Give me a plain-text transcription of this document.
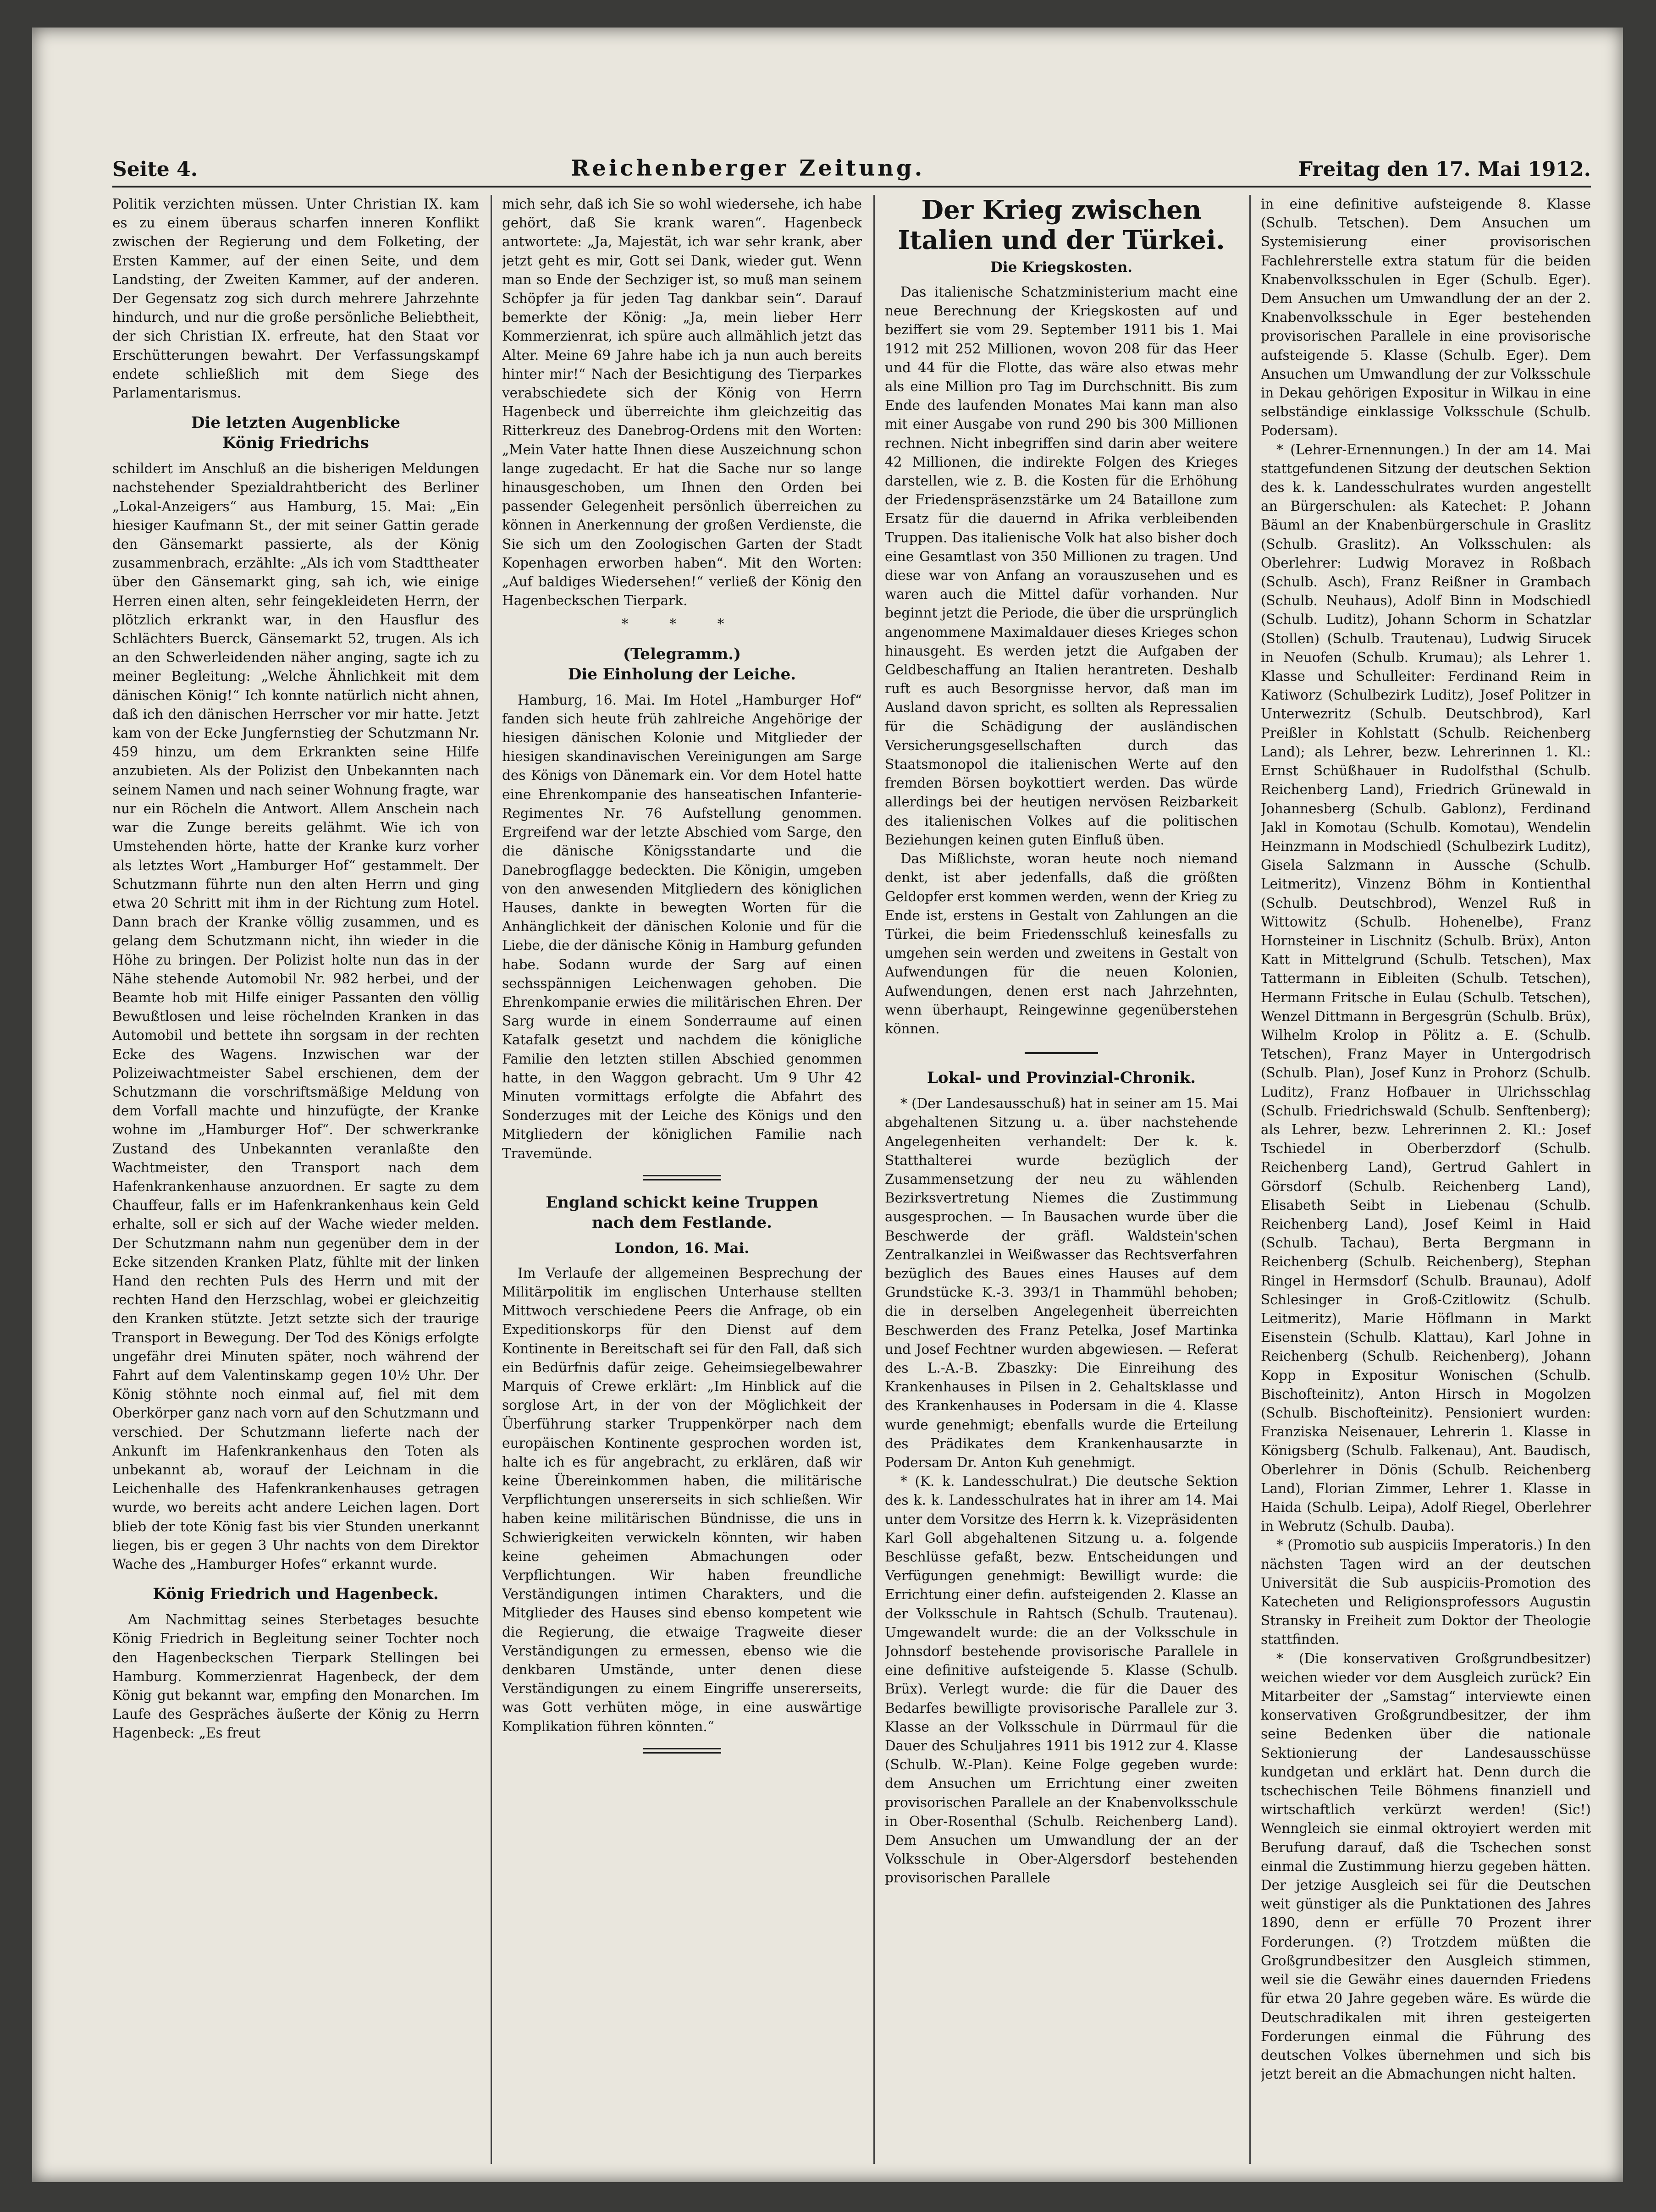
Seite 4.	Reichenberger Zeitung.	Freitag den 17. Mai 1912.

Politik verzichten müssen. Unter Christian IX. kam es zu einem überaus scharfen inneren Konflikt zwischen der Regierung und dem Folketing, der Ersten Kammer, auf der einen Seite, und dem Landsting, der Zweiten Kammer, auf der anderen. Der Gegensatz zog sich durch mehrere Jahrzehnte hindurch, und nur die große persönliche Beliebtheit, der sich Christian IX. erfreute, hat den Staat vor Erschütterungen bewahrt. Der Verfassungskampf endete schließlich mit dem Siege des Parlamentarismus.

Die letzten Augenblicke
König Friedrichs

schildert im Anschluß an die bisherigen Meldungen nachstehender Spezialdrahtbericht des Berliner „Lokal-Anzeigers“ aus Hamburg, 15. Mai: „Ein hiesiger Kaufmann St., der mit seiner Gattin gerade den Gänsemarkt passierte, als der König zusammenbrach, erzählte: „Als ich vom Stadttheater über den Gänsemarkt ging, sah ich, wie einige Herren einen alten, sehr feingekleideten Herrn, der plötzlich erkrankt war, in den Hausflur des Schlächters Buerck, Gänsemarkt 52, trugen. Als ich an den Schwerleidenden näher anging, sagte ich zu meiner Begleitung: „Welche Ähnlichkeit mit dem dänischen König!“ Ich konnte natürlich nicht ahnen, daß ich den dänischen Herrscher vor mir hatte. Jetzt kam von der Ecke Jungfernstieg der Schutzmann Nr. 459 hinzu, um dem Erkrankten seine Hilfe anzubieten. Als der Polizist den Unbekannten nach seinem Namen und nach seiner Wohnung fragte, war nur ein Röcheln die Antwort. Allem Anschein nach war die Zunge bereits gelähmt. Wie ich von Umstehenden hörte, hatte der Kranke kurz vorher als letztes Wort „Hamburger Hof“ gestammelt. Der Schutzmann führte nun den alten Herrn und ging etwa 20 Schritt mit ihm in der Richtung zum Hotel. Dann brach der Kranke völlig zusammen, und es gelang dem Schutzmann nicht, ihn wieder in die Höhe zu bringen. Der Polizist holte nun das in der Nähe stehende Automobil Nr. 982 herbei, und der Beamte hob mit Hilfe einiger Passanten den völlig Bewußtlosen und leise röchelnden Kranken in das Automobil und bettete ihn sorgsam in der rechten Ecke des Wagens. Inzwischen war der Polizeiwachtmeister Sabel erschienen, dem der Schutzmann die vorschriftsmäßige Meldung von dem Vorfall machte und hinzufügte, der Kranke wohne im „Hamburger Hof“. Der schwerkranke Zustand des Unbekannten veranlaßte den Wachtmeister, den Transport nach dem Hafenkrankenhause anzuordnen. Er sagte zu dem Chauffeur, falls er im Hafenkrankenhaus kein Geld erhalte, soll er sich auf der Wache wieder melden. Der Schutzmann nahm nun gegenüber dem in der Ecke sitzenden Kranken Platz, fühlte mit der linken Hand den rechten Puls des Herrn und mit der rechten Hand den Herzschlag, wobei er gleichzeitig den Kranken stützte. Jetzt setzte sich der traurige Transport in Bewegung. Der Tod des Königs erfolgte ungefähr drei Minuten später, noch während der Fahrt auf dem Valentinskamp gegen 10½ Uhr. Der König stöhnte noch einmal auf, fiel mit dem Oberkörper ganz nach vorn auf den Schutzmann und verschied. Der Schutzmann lieferte nach der Ankunft im Hafenkrankenhaus den Toten als unbekannt ab, worauf der Leichnam in die Leichenhalle des Hafenkrankenhauses getragen wurde, wo bereits acht andere Leichen lagen. Dort blieb der tote König fast bis vier Stunden unerkannt liegen, bis er gegen 3 Uhr nachts von dem Direktor Wache des „Hamburger Hofes“ erkannt wurde.

König Friedrich und Hagenbeck.

Am Nachmittag seines Sterbetages besuchte König Friedrich in Begleitung seiner Tochter noch den Hagenbeckschen Tierpark Stellingen bei Hamburg. Kommerzienrat Hagenbeck, der dem König gut bekannt war, empfing den Monarchen. Im Laufe des Gespräches äußerte der König zu Herrn Hagenbeck: „Es freut

mich sehr, daß ich Sie so wohl wiedersehe, ich habe gehört, daß Sie krank waren“. Hagenbeck antwortete: „Ja, Majestät, ich war sehr krank, aber jetzt geht es mir, Gott sei Dank, wieder gut. Wenn man so Ende der Sechziger ist, so muß man seinem Schöpfer ja für jeden Tag dankbar sein“. Darauf bemerkte der König: „Ja, mein lieber Herr Kommerzienrat, ich spüre auch allmählich jetzt das Alter. Meine 69 Jahre habe ich ja nun auch bereits hinter mir!“ Nach der Besichtigung des Tierparkes verabschiedete sich der König von Herrn Hagenbeck und überreichte ihm gleichzeitig das Ritterkreuz des Danebrog-Ordens mit den Worten: „Mein Vater hatte Ihnen diese Auszeichnung schon lange zugedacht. Er hat die Sache nur so lange hinausgeschoben, um Ihnen den Orden bei passender Gelegenheit persönlich überreichen zu können in Anerkennung der großen Verdienste, die Sie sich um den Zoologischen Garten der Stadt Kopenhagen erworben haben“. Mit den Worten: „Auf baldiges Wiedersehen!“ verließ der König den Hagenbeckschen Tierpark.

* * *
(Telegramm.)
Die Einholung der Leiche.

Hamburg, 16. Mai. Im Hotel „Hamburger Hof“ fanden sich heute früh zahlreiche Angehörige der hiesigen dänischen Kolonie und Mitglieder der hiesigen skandinavischen Vereinigungen am Sarge des Königs von Dänemark ein. Vor dem Hotel hatte eine Ehrenkompanie des hanseatischen Infanterie-Regimentes Nr. 76 Aufstellung genommen. Ergreifend war der letzte Abschied vom Sarge, den die dänische Königsstandarte und die Danebrogflagge bedeckten. Die Königin, umgeben von den anwesenden Mitgliedern des königlichen Hauses, dankte in bewegten Worten für die Anhänglichkeit der dänischen Kolonie und für die Liebe, die der dänische König in Hamburg gefunden habe. Sodann wurde der Sarg auf einen sechsspännigen Leichenwagen gehoben. Die Ehrenkompanie erwies die militärischen Ehren. Der Sarg wurde in einem Sonderraume auf einen Katafalk gesetzt und nachdem die königliche Familie den letzten stillen Abschied genommen hatte, in den Waggon gebracht. Um 9 Uhr 42 Minuten vormittags erfolgte die Abfahrt des Sonderzuges mit der Leiche des Königs und den Mitgliedern der königlichen Familie nach Travemünde.

England schickt keine Truppen
nach dem Festlande.
London, 16. Mai.

Im Verlaufe der allgemeinen Besprechung der Militärpolitik im englischen Unterhause stellten Mittwoch verschiedene Peers die Anfrage, ob ein Expeditionskorps für den Dienst auf dem Kontinente in Bereitschaft sei für den Fall, daß sich ein Bedürfnis dafür zeige. Geheimsiegelbewahrer Marquis of Crewe erklärt: „Im Hinblick auf die sorglose Art, in der von der Möglichkeit der Überführung starker Truppenkörper nach dem europäischen Kontinente gesprochen worden ist, halte ich es für angebracht, zu erklären, daß wir keine Übereinkommen haben, die militärische Verpflichtungen unsererseits in sich schließen. Wir haben keine militärischen Bündnisse, die uns in Schwierigkeiten verwickeln könnten, wir haben keine geheimen Abmachungen oder Verpflichtungen. Wir haben freundliche Verständigungen intimen Charakters, und die Mitglieder des Hauses sind ebenso kompetent wie die Regierung, die etwaige Tragweite dieser Verständigungen zu ermessen, ebenso wie die denkbaren Umstände, unter denen diese Verständigungen zu einem Eingriffe unsererseits, was Gott verhüten möge, in eine auswärtige Komplikation führen könnten.“

Der Krieg zwischen
Italien und der Türkei.
Die Kriegskosten.

Das italienische Schatzministerium macht eine neue Berechnung der Kriegskosten auf und beziffert sie vom 29. September 1911 bis 1. Mai 1912 mit 252 Millionen, wovon 208 für das Heer und 44 für die Flotte, das wäre also etwas mehr als eine Million pro Tag im Durchschnitt. Bis zum Ende des laufenden Monates Mai kann man also mit einer Ausgabe von rund 290 bis 300 Millionen rechnen. Nicht inbegriffen sind darin aber weitere 42 Millionen, die indirekte Folgen des Krieges darstellen, wie z. B. die Kosten für die Erhöhung der Friedenspräsenzstärke um 24 Bataillone zum Ersatz für die dauernd in Afrika verbleibenden Truppen. Das italienische Volk hat also bisher doch eine Gesamtlast von 350 Millionen zu tragen. Und diese war von Anfang an vorauszusehen und es waren auch die Mittel dafür vorhanden. Nur beginnt jetzt die Periode, die über die ursprünglich angenommene Maximaldauer dieses Krieges schon hinausgeht. Es werden jetzt die Aufgaben der Geldbeschaffung an Italien herantreten. Deshalb ruft es auch Besorgnisse hervor, daß man im Ausland davon spricht, es sollten als Repressalien für die Schädigung der ausländischen Versicherungsgesellschaften durch das Staatsmonopol die italienischen Werte auf den fremden Börsen boykottiert werden. Das würde allerdings bei der heutigen nervösen Reizbarkeit des italienischen Volkes auf die politischen Beziehungen keinen guten Einfluß üben.

Das Mißlichste, woran heute noch niemand denkt, ist aber jedenfalls, daß die größten Geldopfer erst kommen werden, wenn der Krieg zu Ende ist, erstens in Gestalt von Zahlungen an die Türkei, die beim Friedensschluß keinesfalls zu umgehen sein werden und zweitens in Gestalt von Aufwendungen für die neuen Kolonien, Aufwendungen, denen erst nach Jahrzehnten, wenn überhaupt, Reingewinne gegenüberstehen können.

Lokal- und Provinzial-Chronik.

* (Der Landesausschuß) hat in seiner am 15. Mai abgehaltenen Sitzung u. a. über nachstehende Angelegenheiten verhandelt: Der k. k. Statthalterei wurde bezüglich der Zusammensetzung der neu zu wählenden Bezirksvertretung Niemes die Zustimmung ausgesprochen. — In Bausachen wurde über die Beschwerde der gräfl. Waldstein'schen Zentralkanzlei in Weißwasser das Rechtsverfahren bezüglich des Baues eines Hauses auf dem Grundstücke K.-3. 393/1 in Thammühl behoben; die in derselben Angelegenheit überreichten Beschwerden des Franz Petelka, Josef Martinka und Josef Fechtner wurden abgewiesen. — Referat des L.-A.-B. Zbaszky: Die Einreihung des Krankenhauses in Pilsen in 2. Gehaltsklasse und des Krankenhauses in Podersam in die 4. Klasse wurde genehmigt; ebenfalls wurde die Erteilung des Prädikates dem Krankenhausarzte in Podersam Dr. Anton Kuh genehmigt.

* (K. k. Landesschulrat.) Die deutsche Sektion des k. k. Landesschulrates hat in ihrer am 14. Mai unter dem Vorsitze des Herrn k. k. Vizepräsidenten Karl Goll abgehaltenen Sitzung u. a. folgende Beschlüsse gefaßt, bezw. Entscheidungen und Verfügungen genehmigt: Bewilligt wurde: die Errichtung einer defin. aufsteigenden 2. Klasse an der Volksschule in Rahtsch (Schulb. Trautenau). Umgewandelt wurde: die an der Volksschule in Johnsdorf bestehende provisorische Parallele in eine definitive aufsteigende 5. Klasse (Schulb. Brüx). Verlegt wurde: die für die Dauer des Bedarfes bewilligte provisorische Parallele zur 3. Klasse an der Volksschule in Dürrmaul für die Dauer des Schuljahres 1911 bis 1912 zur 4. Klasse (Schulb. W.-Plan). Keine Folge gegeben wurde: dem Ansuchen um Errichtung einer zweiten provisorischen Parallele an der Knabenvolksschule in Ober-Rosenthal (Schulb. Reichenberg Land). Dem Ansuchen um Umwandlung der an der Volksschule in Ober-Algersdorf bestehenden provisorischen Parallele

in eine definitive aufsteigende 8. Klasse (Schulb. Tetschen). Dem Ansuchen um Systemisierung einer provisorischen Fachlehrerstelle extra statum für die beiden Knabenvolksschulen in Eger (Schulb. Eger). Dem Ansuchen um Umwandlung der an der 2. Knabenvolksschule in Eger bestehenden provisorischen Parallele in eine provisorische aufsteigende 5. Klasse (Schulb. Eger). Dem Ansuchen um Umwandlung der zur Volksschule in Dekau gehörigen Expositur in Wilkau in eine selbständige einklassige Volksschule (Schulb. Podersam).

* (Lehrer-Ernennungen.) In der am 14. Mai stattgefundenen Sitzung der deutschen Sektion des k. k. Landesschulrates wurden angestellt an Bürgerschulen: als Katechet: P. Johann Bäuml an der Knabenbürgerschule in Graslitz (Schulb. Graslitz). An Volksschulen: als Oberlehrer: Ludwig Moravez in Roßbach (Schulb. Asch), Franz Reißner in Grambach (Schulb. Neuhaus), Adolf Binn in Modschiedl (Schulb. Luditz), Johann Schorm in Schatzlar (Stollen) (Schulb. Trautenau), Ludwig Sirucek in Neuofen (Schulb. Krumau); als Lehrer 1. Klasse und Schulleiter: Ferdinand Reim in Katiworz (Schulbezirk Luditz), Josef Politzer in Unterwezritz (Schulb. Deutschbrod), Karl Preißler in Kohlstatt (Schulb. Reichenberg Land); als Lehrer, bezw. Lehrerinnen 1. Kl.: Ernst Schüßhauer in Rudolfsthal (Schulb. Reichenberg Land), Friedrich Grünewald in Johannesberg (Schulb. Gablonz), Ferdinand Jakl in Komotau (Schulb. Komotau), Wendelin Heinzmann in Modschiedl (Schulbezirk Luditz), Gisela Salzmann in Aussche (Schulb. Leitmeritz), Vinzenz Böhm in Kontienthal (Schulb. Deutschbrod), Wenzel Ruß in Wittowitz (Schulb. Hohenelbe), Franz Hornsteiner in Lischnitz (Schulb. Brüx), Anton Katt in Mittelgrund (Schulb. Tetschen), Max Tattermann in Eibleiten (Schulb. Tetschen), Hermann Fritsche in Eulau (Schulb. Tetschen), Wenzel Dittmann in Bergesgrün (Schulb. Brüx), Wilhelm Krolop in Pölitz a. E. (Schulb. Tetschen), Franz Mayer in Untergodrisch (Schulb. Plan), Josef Kunz in Prohorz (Schulb. Luditz), Franz Hofbauer in Ulrichsschlag (Schulb. Friedrichswald (Schulb. Senftenberg); als Lehrer, bezw. Lehrerinnen 2. Kl.: Josef Tschiedel in Oberberzdorf (Schulb. Reichenberg Land), Gertrud Gahlert in Görsdorf (Schulb. Reichenberg Land), Elisabeth Seibt in Liebenau (Schulb. Reichenberg Land), Josef Keiml in Haid (Schulb. Tachau), Berta Bergmann in Reichenberg (Schulb. Reichenberg), Stephan Ringel in Hermsdorf (Schulb. Braunau), Adolf Schlesinger in Groß-Czitlowitz (Schulb. Leitmeritz), Marie Höflmann in Markt Eisenstein (Schulb. Klattau), Karl Johne in Reichenberg (Schulb. Reichenberg), Johann Kopp in Expositur Wonischen (Schulb. Bischofteinitz), Anton Hirsch in Mogolzen (Schulb. Bischofteinitz). Pensioniert wurden: Franziska Neisenauer, Lehrerin 1. Klasse in Königsberg (Schulb. Falkenau), Ant. Baudisch, Oberlehrer in Dönis (Schulb. Reichenberg Land), Florian Zimmer, Lehrer 1. Klasse in Haida (Schulb. Leipa), Adolf Riegel, Oberlehrer in Webrutz (Schulb. Dauba).

* (Promotio sub auspiciis Imperatoris.) In den nächsten Tagen wird an der deutschen Universität die Sub auspiciis-Promotion des Katecheten und Religionsprofessors Augustin Stransky in Freiheit zum Doktor der Theologie stattfinden.

* (Die konservativen Großgrundbesitzer) weichen wieder vor dem Ausgleich zurück? Ein Mitarbeiter der „Samstag“ interviewte einen konservativen Großgrundbesitzer, der ihm seine Bedenken über die nationale Sektionierung der Landesausschüsse kundgetan und erklärt hat. Denn durch die tschechischen Teile Böhmens finanziell und wirtschaftlich verkürzt werden! (Sic!) Wenngleich sie einmal oktroyiert werden mit Berufung darauf, daß die Tschechen sonst einmal die Zustimmung hierzu gegeben hätten. Der jetzige Ausgleich sei für die Deutschen weit günstiger als die Punktationen des Jahres 1890, denn er erfülle 70 Prozent ihrer Forderungen. (?) Trotzdem müßten die Großgrundbesitzer den Ausgleich stimmen, weil sie die Gewähr eines dauernden Friedens für etwa 20 Jahre gegeben wäre. Es würde die Deutschradikalen mit ihren gesteigerten Forderungen einmal die Führung des deutschen Volkes übernehmen und sich bis jetzt bereit an die Abmachungen nicht halten.
